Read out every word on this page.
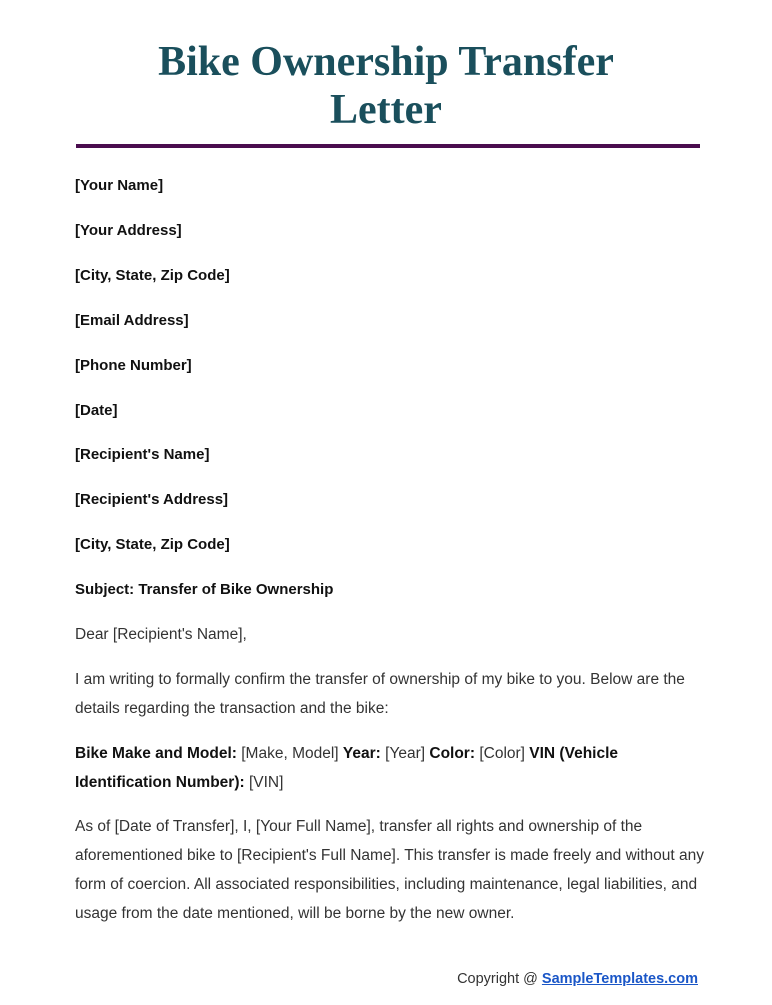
Bike Ownership Transfer
Letter
[Your Name]
[Your Address]
[City, State, Zip Code]
[Email Address]
[Phone Number]
[Date]
[Recipient's Name]
[Recipient's Address]
[City, State, Zip Code]
Subject: Transfer of Bike Ownership

Dear [Recipient's Name],

I am writing to formally confirm the transfer of ownership of my bike to you. Below are the details regarding the transaction and the bike:

Bike Make and Model: [Make, Model] Year: [Year] Color: [Color] VIN (Vehicle Identification Number): [VIN]

As of [Date of Transfer], I, [Your Full Name], transfer all rights and ownership of the aforementioned bike to [Recipient's Full Name]. This transfer is made freely and without any form of coercion. All associated responsibilities, including maintenance, legal liabilities, and usage from the date mentioned, will be borne by the new owner.

Copyright @ SampleTemplates.com
